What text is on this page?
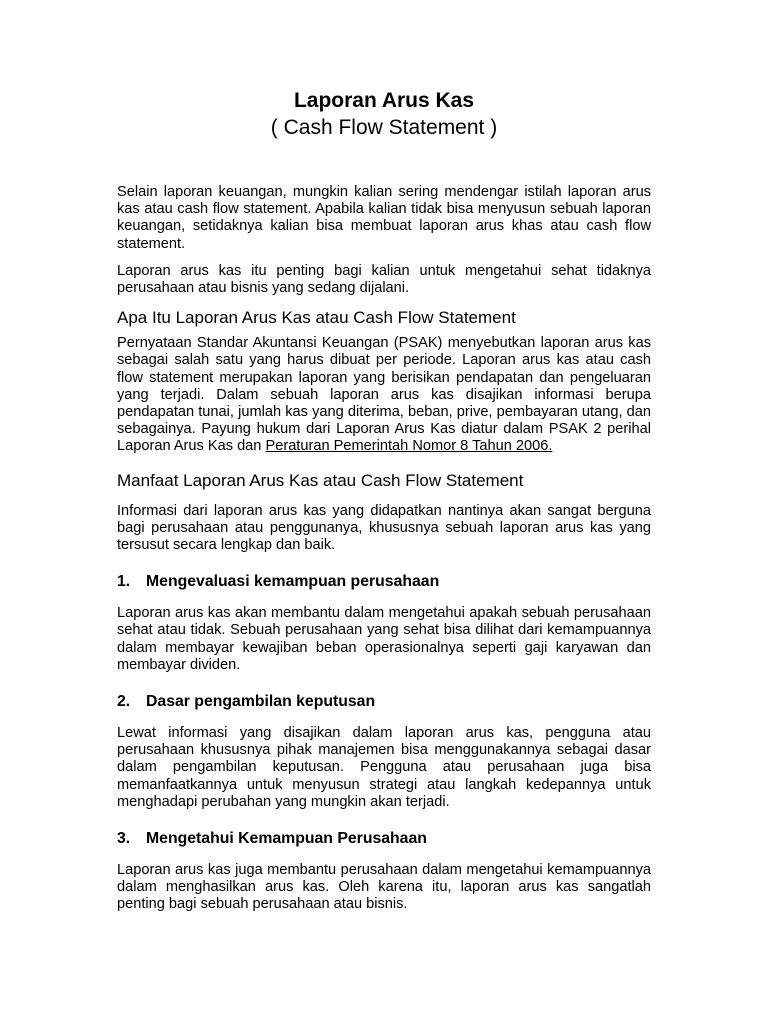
Laporan Arus Kas
( Cash Flow Statement )

Selain laporan keuangan, mungkin kalian sering mendengar istilah laporan arus kas atau cash flow statement. Apabila kalian tidak bisa menyusun sebuah laporan keuangan, setidaknya kalian bisa membuat laporan arus khas atau cash flow statement.

Laporan arus kas itu penting bagi kalian untuk mengetahui sehat tidaknya perusahaan atau bisnis yang sedang dijalani.

Apa Itu Laporan Arus Kas atau Cash Flow Statement

Pernyataan Standar Akuntansi Keuangan (PSAK) menyebutkan laporan arus kas sebagai salah satu yang harus dibuat per periode. Laporan arus kas atau cash flow statement merupakan laporan yang berisikan pendapatan dan pengeluaran yang terjadi. Dalam sebuah laporan arus kas disajikan informasi berupa pendapatan tunai, jumlah kas yang diterima, beban, prive, pembayaran utang, dan sebagainya. Payung hukum dari Laporan Arus Kas diatur dalam PSAK 2 perihal Laporan Arus Kas dan Peraturan Pemerintah Nomor 8 Tahun 2006.

Manfaat Laporan Arus Kas atau Cash Flow Statement

Informasi dari laporan arus kas yang didapatkan nantinya akan sangat berguna bagi perusahaan atau penggunanya, khususnya sebuah laporan arus kas yang tersusut secara lengkap dan baik.

1.	Mengevaluasi kemampuan perusahaan

Laporan arus kas akan membantu dalam mengetahui apakah sebuah perusahaan sehat atau tidak. Sebuah perusahaan yang sehat bisa dilihat dari kemampuannya dalam membayar kewajiban beban operasionalnya seperti gaji karyawan dan membayar dividen.

2.	Dasar pengambilan keputusan

Lewat informasi yang disajikan dalam laporan arus kas, pengguna atau perusahaan khususnya pihak manajemen bisa menggunakannya sebagai dasar dalam pengambilan keputusan. Pengguna atau perusahaan juga bisa memanfaatkannya untuk menyusun strategi atau langkah kedepannya untuk menghadapi perubahan yang mungkin akan terjadi.

3.	Mengetahui Kemampuan Perusahaan

Laporan arus kas juga membantu perusahaan dalam mengetahui kemampuannya dalam menghasilkan arus kas. Oleh karena itu, laporan arus kas sangatlah penting bagi sebuah perusahaan atau bisnis.
